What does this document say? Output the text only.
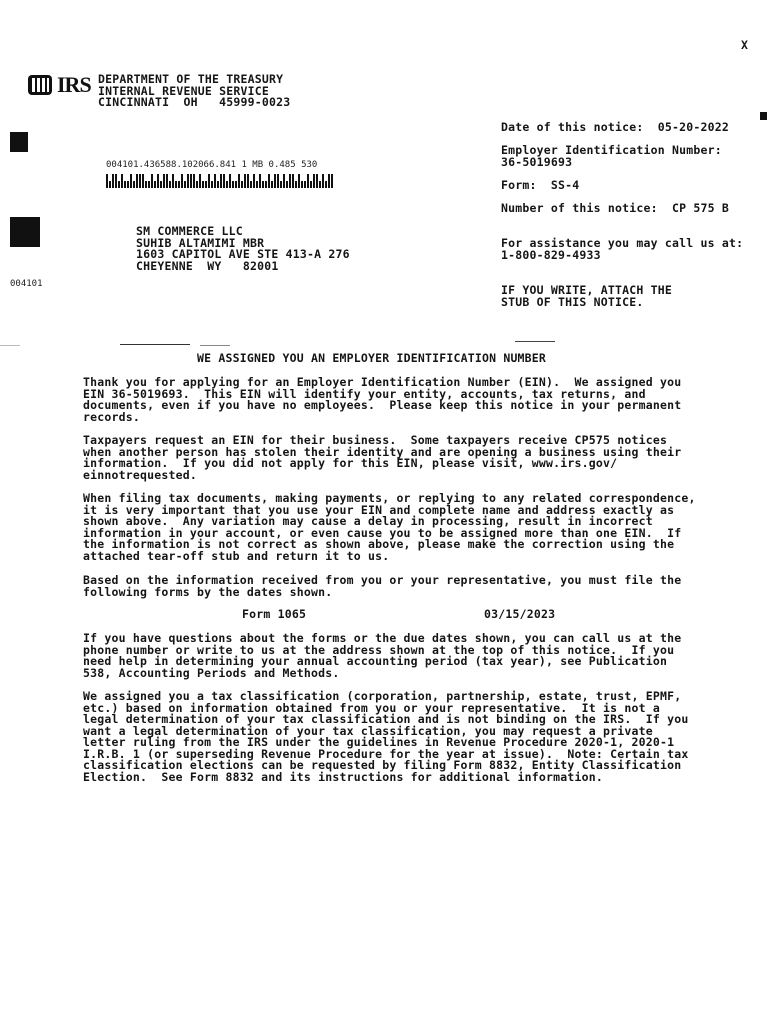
X
IRS DEPARTMENT OF THE TREASURY
INTERNAL REVENUE SERVICE
CINCINNATI  OH   45999-0023
004101.436588.102066.841 1 MB 0.485 530
004101
SM COMMERCE LLC
SUHIB ALTAMIMI MBR
1603 CAPITOL AVE STE 413-A 276
CHEYENNE  WY   82001
Date of this notice: 05-20-2022
Employer Identification Number:
36-5019693
Form: SS-4
Number of this notice: CP 575 B
For assistance you may call us at:
1-800-829-4933
IF YOU WRITE, ATTACH THE
STUB OF THIS NOTICE.
WE ASSIGNED YOU AN EMPLOYER IDENTIFICATION NUMBER
Thank you for applying for an Employer Identification Number (EIN).  We assigned you
EIN 36-5019693.  This EIN will identify your entity, accounts, tax returns, and
documents, even if you have no employees.  Please keep this notice in your permanent
records.
Taxpayers request an EIN for their business.  Some taxpayers receive CP575 notices
when another person has stolen their identity and are opening a business using their
information.  If you did not apply for this EIN, please visit, www.irs.gov/
einnotrequested.
When filing tax documents, making payments, or replying to any related correspondence,
it is very important that you use your EIN and complete name and address exactly as
shown above.  Any variation may cause a delay in processing, result in incorrect
information in your account, or even cause you to be assigned more than one EIN.  If
the information is not correct as shown above, please make the correction using the
attached tear-off stub and return it to us.
Based on the information received from you or your representative, you must file the
following forms by the dates shown.
Form 1065	03/15/2023
If you have questions about the forms or the due dates shown, you can call us at the
phone number or write to us at the address shown at the top of this notice.  If you
need help in determining your annual accounting period (tax year), see Publication
538, Accounting Periods and Methods.
We assigned you a tax classification (corporation, partnership, estate, trust, EPMF,
etc.) based on information obtained from you or your representative.  It is not a
legal determination of your tax classification and is not binding on the IRS.  If you
want a legal determination of your tax classification, you may request a private
letter ruling from the IRS under the guidelines in Revenue Procedure 2020-1, 2020-1
I.R.B. 1 (or superseding Revenue Procedure for the year at issue).  Note: Certain tax
classification elections can be requested by filing Form 8832, Entity Classification
Election.  See Form 8832 and its instructions for additional information.
